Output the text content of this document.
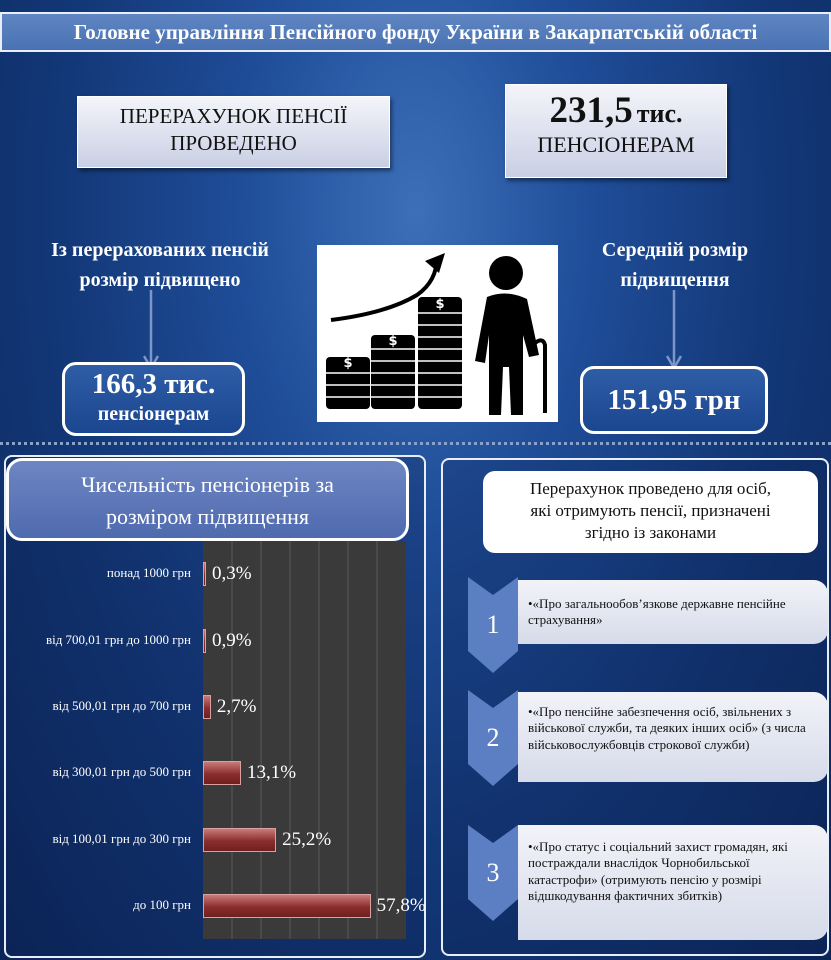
Головне управління Пенсійного фонду України в Закарпатській області
ПЕРЕРАХУНОК ПЕНСІЇ
ПРОВЕДЕНО
231,5 тис.
ПЕНСІОНЕРАМ
Із перерахованих пенсій
розмір підвищено
Середній розмір
підвищення
166,3 тис.
пенсіонерам	151,95 грн
$
$
$
Чисельність пенсіонерів за
розміром підвищення
понад 1000 грн 0,3%
від 700,01 грн до 1000 грн 0,9%
від 500,01 грн до 700 грн 2,7%
від 300,01 грн до 500 грн	13,1%
від 100,01 грн до 300 грн	25,2%
до 100 грн	57,8%
Перерахунок проведено для осіб,
які отримують пенсії, призначені
згідно із законами
1
•«Про загальнообов’язкове державне пенсійне страхування»
2
•«Про пенсійне забезпечення осіб, звільнених з військової служби, та деяких інших осіб» (з числа військовослужбовців строкової служби)
3
•«Про статус і соціальний захист громадян, які постраждали внаслідок Чорнобильської катастрофи» (отримують пенсію у розмірі відшкодування фактичних збитків)
